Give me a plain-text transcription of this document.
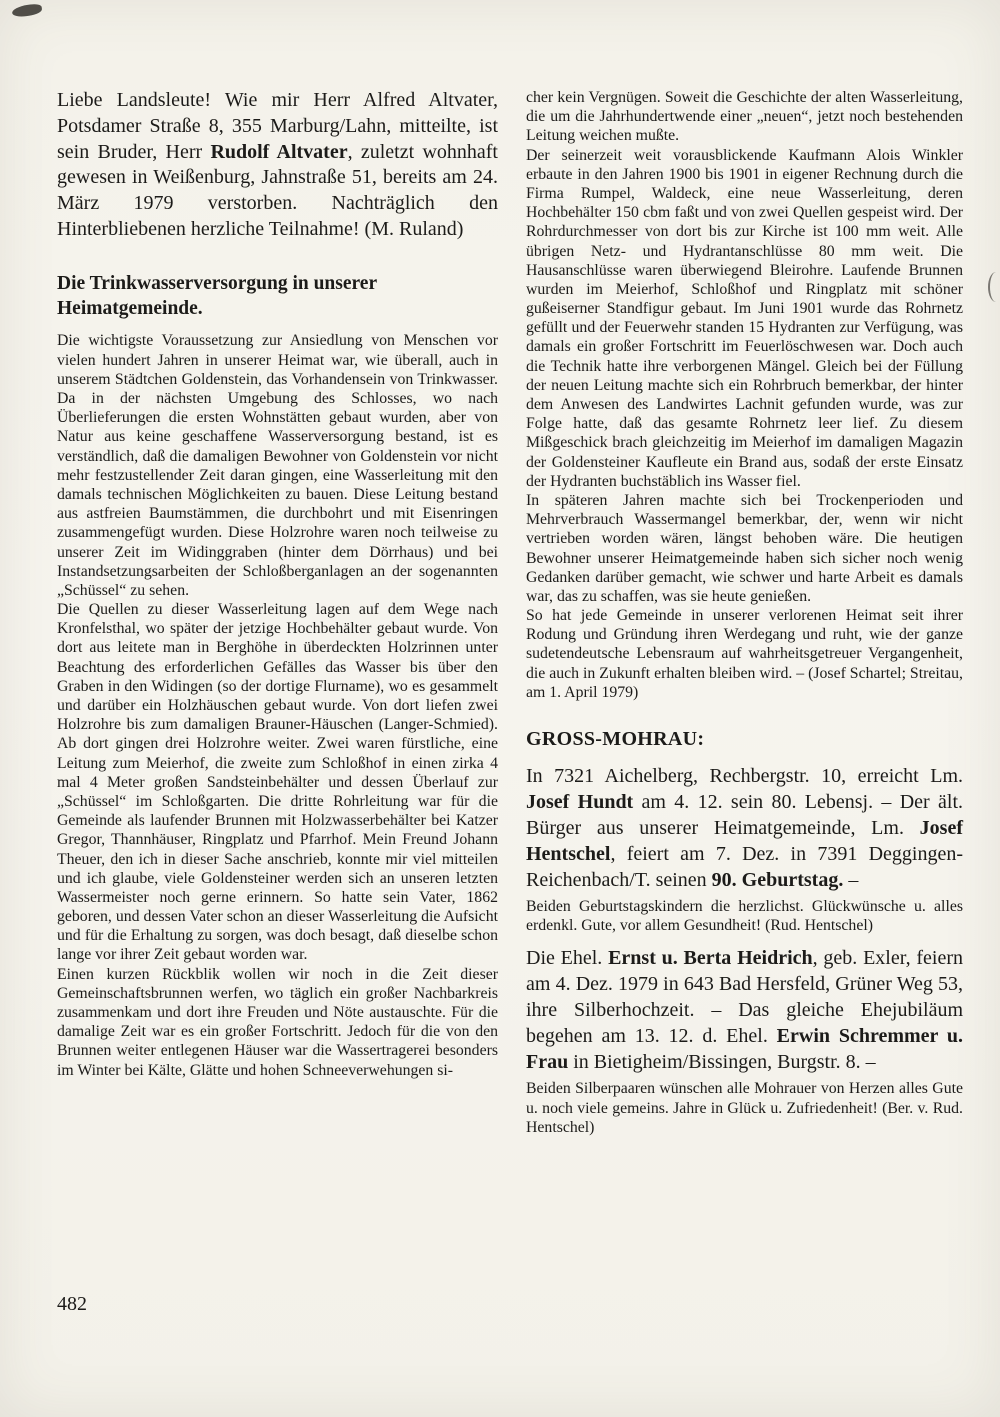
Liebe Landsleute! Wie mir Herr Alfred Altvater, Potsdamer Straße 8, 355 Marburg/Lahn, mitteilte, ist sein Bruder, Herr Rudolf Altvater, zuletzt wohnhaft gewesen in Weißenburg, Jahnstraße 51, bereits am 24. März 1979 verstorben. Nachträglich den Hinterbliebenen herzliche Teilnahme! (M. Ruland)

Die Trinkwasserversorgung in unserer Heimatgemeinde.

Die wichtigste Voraussetzung zur Ansiedlung von Menschen vor vielen hundert Jahren in unserer Heimat war, wie überall, auch in unserem Städtchen Goldenstein, das Vorhandensein von Trinkwasser. Da in der nächsten Umgebung des Schlosses, wo nach Überlieferungen die ersten Wohnstätten gebaut wurden, aber von Natur aus keine geschaffene Wasserversorgung bestand, ist es verständlich, daß die damaligen Bewohner von Goldenstein vor nicht mehr festzustellender Zeit daran gingen, eine Wasserleitung mit den damals technischen Möglichkeiten zu bauen. Diese Leitung bestand aus astfreien Baumstämmen, die durchbohrt und mit Eisenringen zusammengefügt wurden. Diese Holzrohre waren noch teilweise zu unserer Zeit im Widinggraben (hinter dem Dörrhaus) und bei Instandsetzungsarbeiten der Schloßberganlagen an der sogenannten „Schüssel“ zu sehen.

Die Quellen zu dieser Wasserleitung lagen auf dem Wege nach Kronfelsthal, wo später der jetzige Hochbehälter gebaut wurde. Von dort aus leitete man in Berghöhe in überdeckten Holzrinnen unter Beachtung des erforderlichen Gefälles das Wasser bis über den Graben in den Widingen (so der dortige Flurname), wo es gesammelt und darüber ein Holzhäuschen gebaut wurde. Von dort liefen zwei Holzrohre bis zum damaligen Brauner-Häuschen (Langer-Schmied). Ab dort gingen drei Holzrohre weiter. Zwei waren fürstliche, eine Leitung zum Meierhof, die zweite zum Schloßhof in einen zirka 4 mal 4 Meter großen Sandsteinbehälter und dessen Überlauf zur „Schüssel“ im Schloßgarten. Die dritte Rohrleitung war für die Gemeinde als laufender Brunnen mit Holzwasserbehälter bei Katzer Gregor, Thannhäuser, Ringplatz und Pfarrhof. Mein Freund Johann Theuer, den ich in dieser Sache anschrieb, konnte mir viel mitteilen und ich glaube, viele Goldensteiner werden sich an unseren letzten Wassermeister noch gerne erinnern. So hatte sein Vater, 1862 geboren, und dessen Vater schon an dieser Wasserleitung die Aufsicht und für die Erhaltung zu sorgen, was doch besagt, daß dieselbe schon lange vor ihrer Zeit gebaut worden war.

Einen kurzen Rückblik wollen wir noch in die Zeit dieser Gemeinschaftsbrunnen werfen, wo täglich ein großer Nachbarkreis zusammenkam und dort ihre Freuden und Nöte austauschte. Für die damalige Zeit war es ein großer Fortschritt. Jedoch für die von den Brunnen weiter entlegenen Häuser war die Wassertragerei besonders im Winter bei Kälte, Glätte und hohen Schneeverwehungen si-

cher kein Vergnügen. Soweit die Geschichte der alten Wasserleitung, die um die Jahrhundertwende einer „neuen“, jetzt noch bestehenden Leitung weichen mußte.

Der seinerzeit weit vorausblickende Kaufmann Alois Winkler erbaute in den Jahren 1900 bis 1901 in eigener Rechnung durch die Firma Rumpel, Waldeck, eine neue Wasserleitung, deren Hochbehälter 150 cbm faßt und von zwei Quellen gespeist wird. Der Rohrdurchmesser von dort bis zur Kirche ist 100 mm weit. Alle übrigen Netz- und Hydrantanschlüsse 80 mm weit. Die Hausanschlüsse waren überwiegend Bleirohre. Laufende Brunnen wurden im Meierhof, Schloßhof und Ringplatz mit schöner gußeiserner Standfigur gebaut. Im Juni 1901 wurde das Rohrnetz gefüllt und der Feuerwehr standen 15 Hydranten zur Verfügung, was damals ein großer Fortschritt im Feuerlöschwesen war. Doch auch die Technik hatte ihre verborgenen Mängel. Gleich bei der Füllung der neuen Leitung machte sich ein Rohrbruch bemerkbar, der hinter dem Anwesen des Landwirtes Lachnit gefunden wurde, was zur Folge hatte, daß das gesamte Rohrnetz leer lief. Zu diesem Mißgeschick brach gleichzeitig im Meierhof im damaligen Magazin der Goldensteiner Kaufleute ein Brand aus, sodaß der erste Einsatz der Hydranten buchstäblich ins Wasser fiel.

In späteren Jahren machte sich bei Trockenperioden und Mehrverbrauch Wassermangel bemerkbar, der, wenn wir nicht vertrieben worden wären, längst behoben wäre. Die heutigen Bewohner unserer Heimatgemeinde haben sich sicher noch wenig Gedanken darüber gemacht, wie schwer und harte Arbeit es damals war, das zu schaffen, was sie heute genießen.

So hat jede Gemeinde in unserer verlorenen Heimat seit ihrer Rodung und Gründung ihren Werdegang und ruht, wie der ganze sudetendeutsche Lebensraum auf wahrheitsgetreuer Vergangenheit, die auch in Zukunft erhalten bleiben wird. – (Josef Schartel; Streitau, am 1. April 1979)

GROSS-MOHRAU:

In 7321 Aichelberg, Rechbergstr. 10, erreicht Lm. Josef Hundt am 4. 12. sein 80. Lebensj. – Der ält. Bürger aus unserer Heimatgemeinde, Lm. Josef Hentschel, feiert am 7. Dez. in 7391 Deggingen-Reichenbach/T. seinen 90. Geburtstag. –

Beiden Geburtstagskindern die herzlichst. Glückwünsche u. alles erdenkl. Gute, vor allem Gesundheit! (Rud. Hentschel)

Die Ehel. Ernst u. Berta Heidrich, geb. Exler, feiern am 4. Dez. 1979 in 643 Bad Hersfeld, Grüner Weg 53, ihre Silberhochzeit. – Das gleiche Ehejubiläum begehen am 13. 12. d. Ehel. Erwin Schremmer u. Frau in Bietigheim/Bissingen, Burgstr. 8. –

Beiden Silberpaaren wünschen alle Mohrauer von Herzen alles Gute u. noch viele gemeins. Jahre in Glück u. Zufriedenheit! (Ber. v. Rud. Hentschel)

482
